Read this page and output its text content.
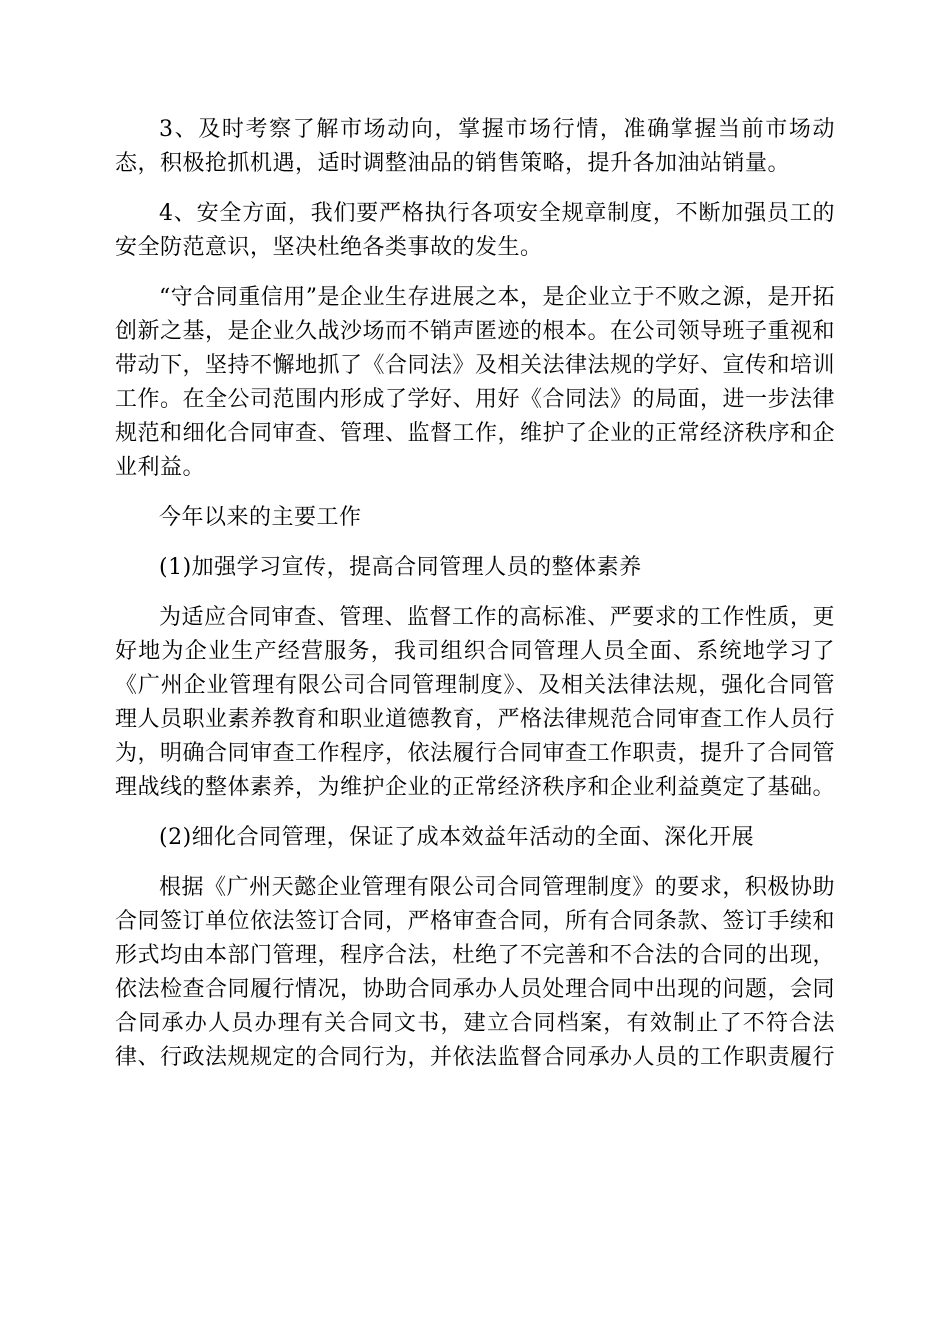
3、及时考察了解市场动向，掌握市场行情，准确掌握当前市场动态，积极抢抓机遇，适时调整油品的销售策略，提升各加油站销量。

4、安全方面，我们要严格执行各项安全规章制度，不断加强员工的安全防范意识，坚决杜绝各类事故的发生。

“守合同重信用”是企业生存进展之本，是企业立于不败之源，是开拓创新之基，是企业久战沙场而不销声匿迹的根本。在公司领导班子重视和带动下，坚持不懈地抓了《合同法》及相关法律法规的学好、宣传和培训工作。在全公司范围内形成了学好、用好《合同法》的局面，进一步法律规范和细化合同审查、管理、监督工作，维护了企业的正常经济秩序和企业利益。

今年以来的主要工作

(1)加强学习宣传，提高合同管理人员的整体素养

为适应合同审查、管理、监督工作的高标准、严要求的工作性质，更好地为企业生产经营服务，我司组织合同管理人员全面、系统地学习了《广州企业管理有限公司合同管理制度》、及相关法律法规，强化合同管理人员职业素养教育和职业道德教育，严格法律规范合同审查工作人员行为，明确合同审查工作程序，依法履行合同审查工作职责，提升了合同管理战线的整体素养，为维护企业的正常经济秩序和企业利益奠定了基础。

(2)细化合同管理，保证了成本效益年活动的全面、深化开展

根据《广州天懿企业管理有限公司合同管理制度》的要求，积极协助合同签订单位依法签订合同，严格审查合同，所有合同条款、签订手续和形式均由本部门管理，程序合法，杜绝了不完善和不合法的合同的出现，依法检查合同履行情况，协助合同承办人员处理合同中出现的问题，会同合同承办人员办理有关合同文书，建立合同档案，有效制止了不符合法律、行政法规规定的合同行为，并依法监督合同承办人员的工作职责履行
